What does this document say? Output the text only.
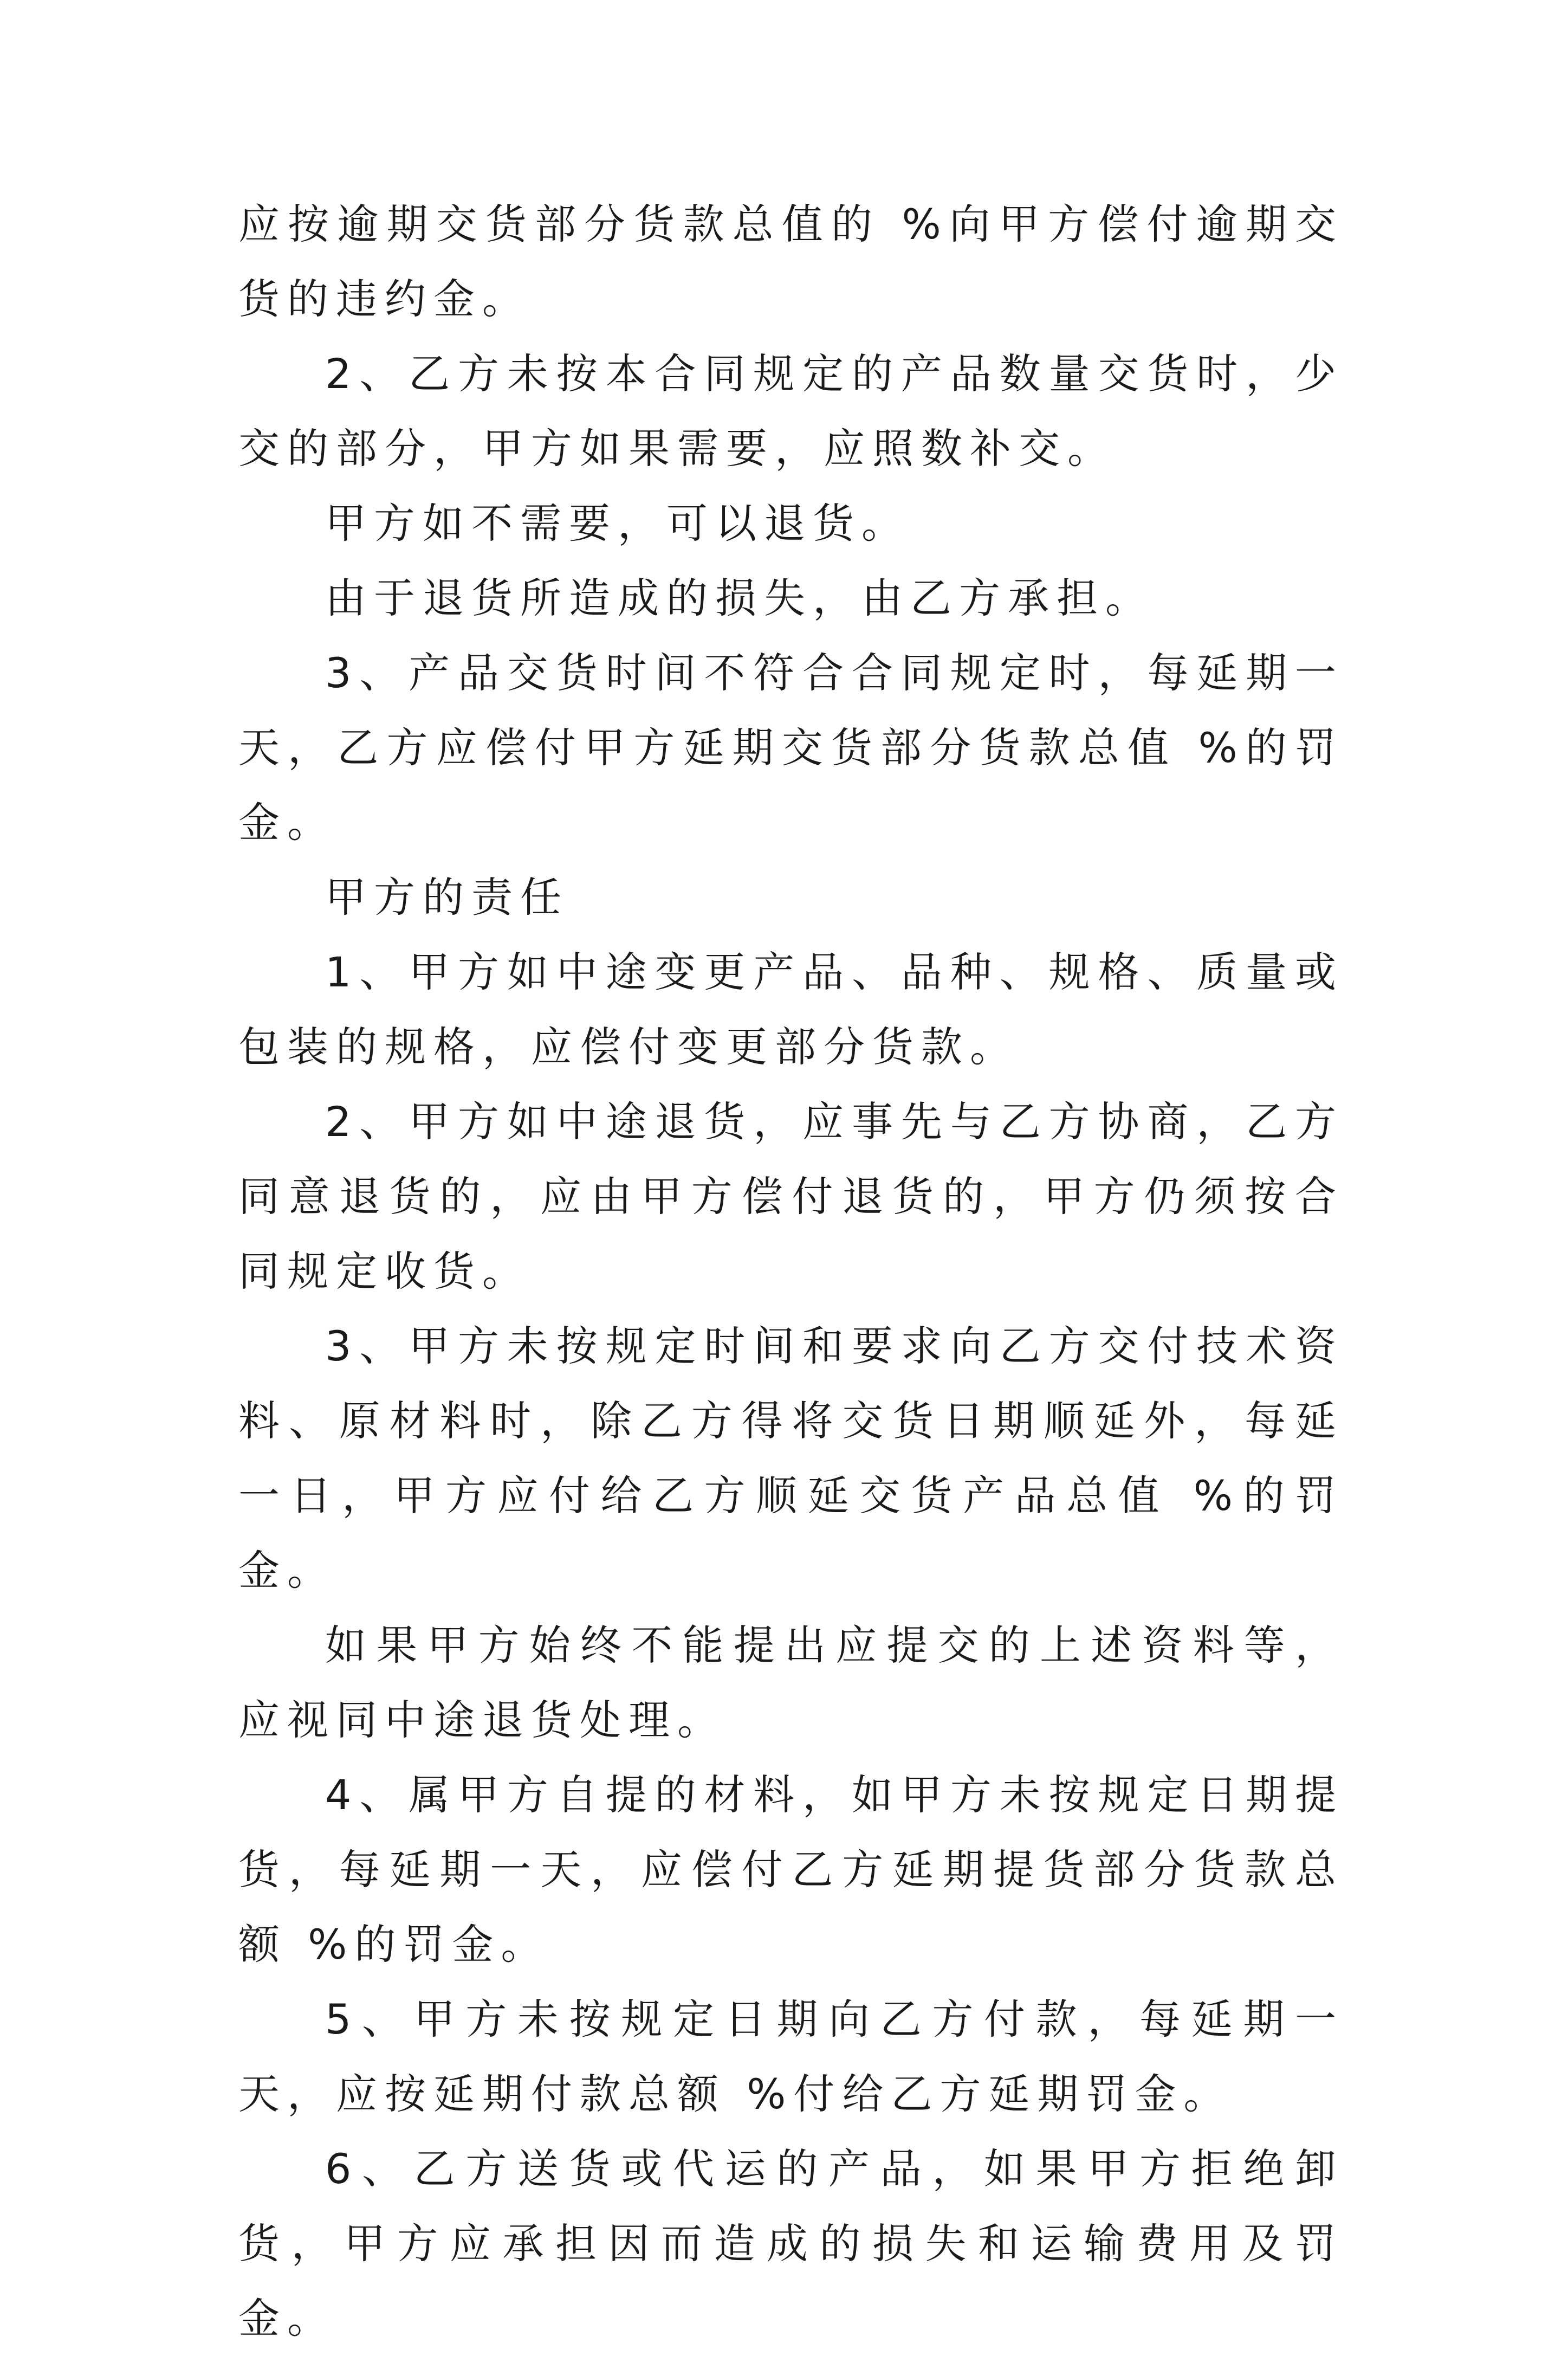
应按逾期交货部分货款总值的 %向甲方偿付逾期交货的违约金。

2、乙方未按本合同规定的产品数量交货时，少交的部分，甲方如果需要，应照数补交。

甲方如不需要，可以退货。

由于退货所造成的损失，由乙方承担。

3、产品交货时间不符合合同规定时，每延期一天，乙方应偿付甲方延期交货部分货款总值 %的罚金。

甲方的责任

1、甲方如中途变更产品、品种、规格、质量或包装的规格，应偿付变更部分货款。

2、甲方如中途退货，应事先与乙方协商，乙方同意退货的，应由甲方偿付退货的，甲方仍须按合同规定收货。

3、甲方未按规定时间和要求向乙方交付技术资料、原材料时，除乙方得将交货日期顺延外，每延一日，甲方应付给乙方顺延交货产品总值 %的罚金。

如果甲方始终不能提出应提交的上述资料等，应视同中途退货处理。

4、属甲方自提的材料，如甲方未按规定日期提货，每延期一天，应偿付乙方延期提货部分货款总额 %的罚金。

5、甲方未按规定日期向乙方付款，每延期一天，应按延期付款总额 %付给乙方延期罚金。

6、乙方送货或代运的产品，如果甲方拒绝卸货，甲方应承担因而造成的损失和运输费用及罚金。
